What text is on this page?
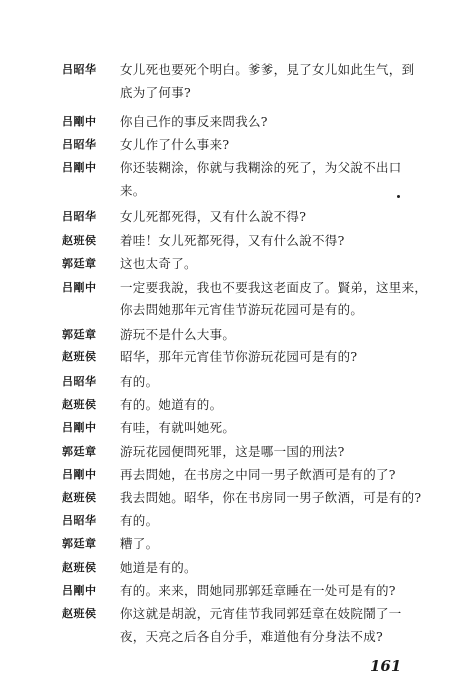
吕昭华	女儿死也要死个明白。爹爹，見了女儿如此生气，到
底为了何事?
吕剛中	你自己作的事反来問我么?
吕昭华	女儿作了什么事来?
吕剛中	你还装糊涂，你就与我糊涂的死了，为父說不出口
来。
吕昭华	女儿死都死得，又有什么說不得?
赵班侯	着哇！女儿死都死得，又有什么說不得?
郭廷章	这也太奇了。
吕剛中	一定要我說，我也不要我这老面皮了。賢弟，这里来，
你去問她那年元宵佳节游玩花园可是有的。
郭廷章	游玩不是什么大事。
赵班侯	昭华，那年元宵佳节你游玩花园可是有的?
吕昭华	有的。
赵班侯	有的。她道有的。
吕剛中	有哇，有就叫她死。
郭廷章	游玩花园便問死罪，这是哪一国的刑法?
吕剛中	再去問她，在书房之中同一男子飲酒可是有的了?
赵班侯	我去問她。昭华，你在书房同一男子飲酒，可是有的?
吕昭华	有的。
郭廷章	糟了。
赵班侯	她道是有的。
吕剛中	有的。来来，問她同那郭廷章睡在一处可是有的?
赵班侯	你这就是胡說，元宵佳节我同郭廷章在妓院鬧了一
夜，天亮之后各自分手，难道他有分身法不成?
161
